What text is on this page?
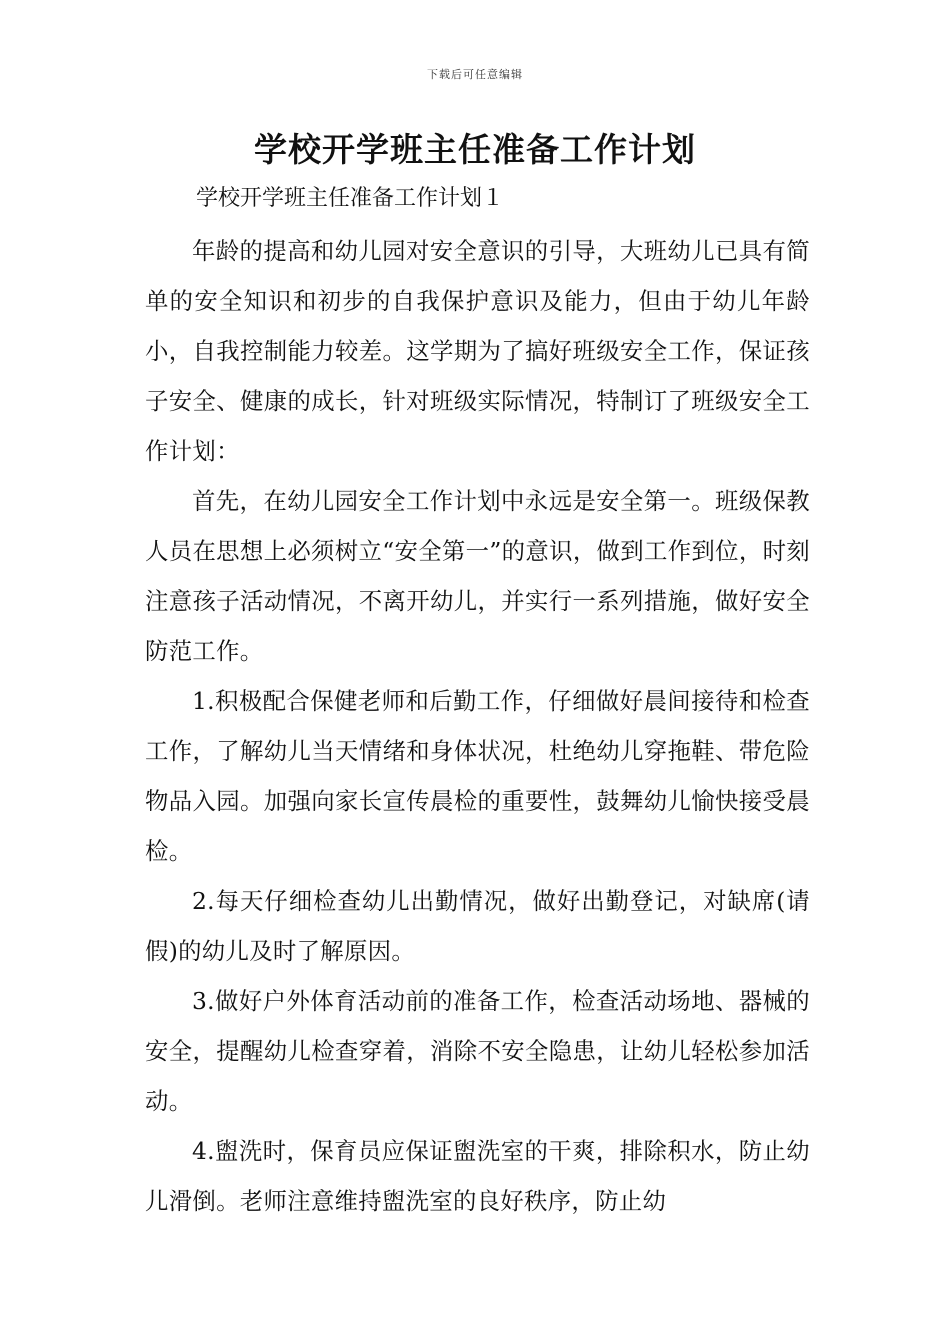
下载后可任意编辑
学校开学班主任准备工作计划

学校开学班主任准备工作计划１

年龄的提高和幼儿园对安全意识的引导，大班幼儿已具有简单的安全知识和初步的自我保护意识及能力，但由于幼儿年龄小，自我控制能力较差。这学期为了搞好班级安全工作，保证孩子安全、健康的成长，针对班级实际情况，特制订了班级安全工作计划：

首先，在幼儿园安全工作计划中永远是安全第一。班级保教人员在思想上必须树立“安全第一”的意识，做到工作到位，时刻注意孩子活动情况，不离开幼儿，并实行一系列措施，做好安全防范工作。

1.积极配合保健老师和后勤工作，仔细做好晨间接待和检查工作，了解幼儿当天情绪和身体状况，杜绝幼儿穿拖鞋、带危险物品入园。加强向家长宣传晨检的重要性，鼓舞幼儿愉快接受晨检。

2.每天仔细检查幼儿出勤情况，做好出勤登记，对缺席(请假)的幼儿及时了解原因。

3.做好户外体育活动前的准备工作，检查活动场地、器械的安全，提醒幼儿检查穿着，消除不安全隐患，让幼儿轻松参加活动。

4.盥洗时，保育员应保证盥洗室的干爽，排除积水，防止幼儿滑倒。老师注意维持盥洗室的良好秩序，防止幼
